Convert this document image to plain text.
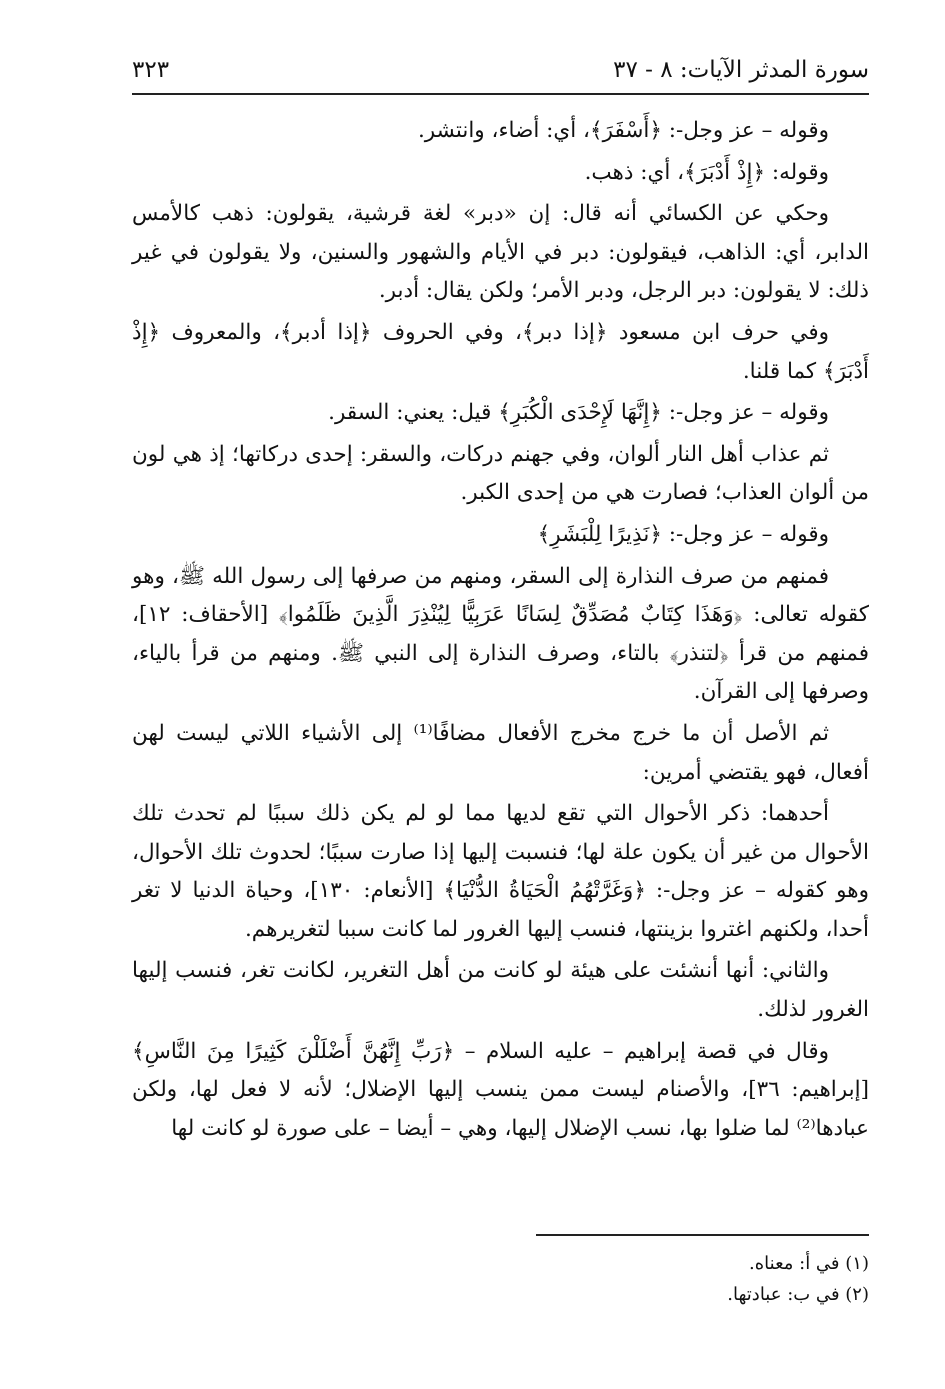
سورة المدثر الآيات: ٨ - ٣٧
٣٢٣

وقوله – عز وجل-: ﴿أَسْفَرَ﴾، أي: أضاء، وانتشر.

وقوله: ﴿إِذْ أَدْبَرَ﴾، أي: ذهب.

وحكي عن الكسائي أنه قال: إن «دبر» لغة قرشية، يقولون: ذهب كالأمس الدابر، أي: الذاهب، فيقولون: دبر في الأيام والشهور والسنين، ولا يقولون في غير ذلك: لا يقولون: دبر الرجل، ودبر الأمر؛ ولكن يقال: أدبر.

وفي حرف ابن مسعود ﴿إذا دبر﴾، وفي الحروف ﴿إذا أدبر﴾، والمعروف ﴿إِذْ أَدْبَرَ﴾ كما قلنا.

وقوله – عز وجل-: ﴿إِنَّهَا لَإِحْدَى الْكُبَرِ﴾ قيل: يعني: السقر.

ثم عذاب أهل النار ألوان، وفي جهنم دركات، والسقر: إحدى دركاتها؛ إذ هي لون من ألوان العذاب؛ فصارت هي من إحدى الكبر.

وقوله – عز وجل-: ﴿نَذِيرًا لِلْبَشَرِ﴾

فمنهم من صرف النذارة إلى السقر، ومنهم من صرفها إلى رسول الله ﷺ، وهو كقوله تعالى: ﴿وَهَذَا كِتَابٌ مُصَدِّقٌ لِسَانًا عَرَبِيًّا لِيُنْذِرَ الَّذِينَ ظَلَمُوا﴾ [الأحقاف: ١٢]، فمنهم من قرأ ﴿لتنذر﴾ بالتاء، وصرف النذارة إلى النبي ﷺ. ومنهم من قرأ بالياء، وصرفها إلى القرآن.

ثم الأصل أن ما خرج مخرج الأفعال مضافًا⁽¹⁾ إلى الأشياء اللاتي ليست لهن أفعال، فهو يقتضي أمرين:

أحدهما: ذكر الأحوال التي تقع لديها مما لو لم يكن ذلك سببًا لم تحدث تلك الأحوال من غير أن يكون علة لها؛ فنسبت إليها إذا صارت سببًا؛ لحدوث تلك الأحوال، وهو كقوله – عز وجل-: ﴿وَغَرَّتْهُمُ الْحَيَاةُ الدُّنْيَا﴾ [الأنعام: ١٣٠]، وحياة الدنيا لا تغر أحدا، ولكنهم اغتروا بزينتها، فنسب إليها الغرور لما كانت سببا لتغريرهم.

والثاني: أنها أنشئت على هيئة لو كانت من أهل التغرير، لكانت تغر، فنسب إليها الغرور لذلك.

وقال في قصة إبراهيم – عليه السلام – ﴿رَبِّ إِنَّهُنَّ أَضْلَلْنَ كَثِيرًا مِنَ النَّاسِ﴾ [إبراهيم: ٣٦]، والأصنام ليست ممن ينسب إليها الإضلال؛ لأنه لا فعل لها، ولكن عبادها⁽²⁾ لما ضلوا بها، نسب الإضلال إليها، وهي – أيضا – على صورة لو كانت لها

(١) في أ: معناه.
(٢) في ب: عبادتها.
